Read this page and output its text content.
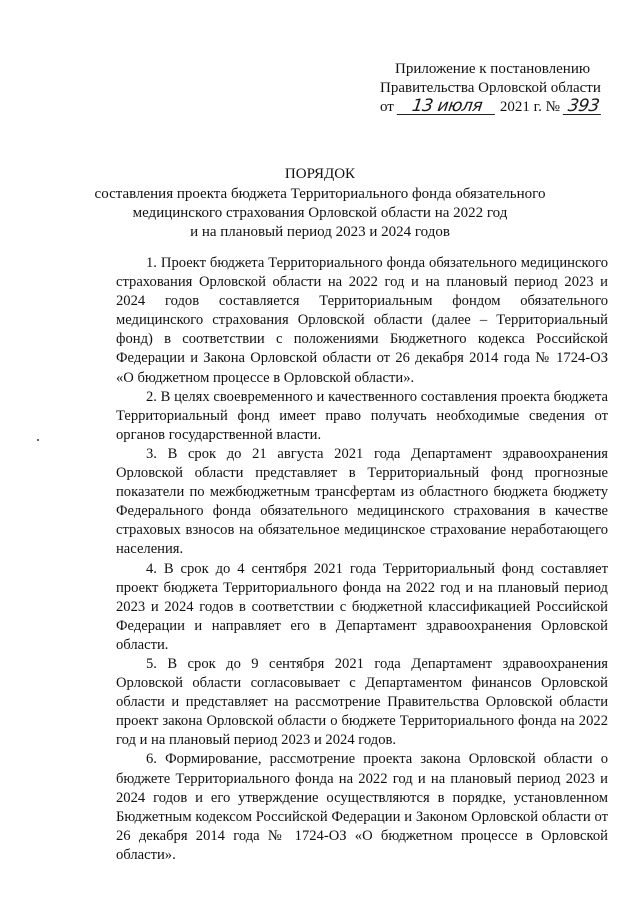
Приложение к постановлению
Правительства Орловской области
от 13 июля 2021 г. № 393
ПОРЯДОК
составления проекта бюджета Территориального фонда обязательного
медицинского страхования Орловской области на 2022 год
и на плановый период 2023 и 2024 годов

1. Проект бюджета Территориального фонда обязательного медицинского страхования Орловской области на 2022 год и на плановый период 2023 и 2024 годов составляется Территориальным фондом обязательного медицинского страхования Орловской области (далее – Территориальный фонд) в соответствии с положениями Бюджетного кодекса Российской Федерации и Закона Орловской области от 26 декабря 2014 года № 1724-ОЗ «О бюджетном процессе в Орловской области».

2. В целях своевременного и качественного составления проекта бюджета Территориальный фонд имеет право получать необходимые сведения от органов государственной власти.

3. В срок до 21 августа 2021 года Департамент здравоохранения Орловской области представляет в Территориальный фонд прогнозные показатели по межбюджетным трансфертам из областного бюджета бюджету Федерального фонда обязательного медицинского страхования в качестве страховых взносов на обязательное медицинское страхование неработающего населения.

4. В срок до 4 сентября 2021 года Территориальный фонд составляет проект бюджета Территориального фонда на 2022 год и на плановый период 2023 и 2024 годов в соответствии с бюджетной классификацией Российской Федерации и направляет его в Департамент здравоохранения Орловской области.

5. В срок до 9 сентября 2021 года Департамент здравоохранения Орловской области согласовывает с Департаментом финансов Орловской области и представляет на рассмотрение Правительства Орловской области проект закона Орловской области о бюджете Территориального фонда на 2022 год и на плановый период 2023 и 2024 годов.

6. Формирование, рассмотрение проекта закона Орловской области о бюджете Территориального фонда на 2022 год и на плановый период 2023 и 2024 годов и его утверждение осуществляются в порядке, установленном Бюджетным кодексом Российской Федерации и Законом Орловской области от 26 декабря 2014 года № 1724-ОЗ «О бюджетном процессе в Орловской области».
